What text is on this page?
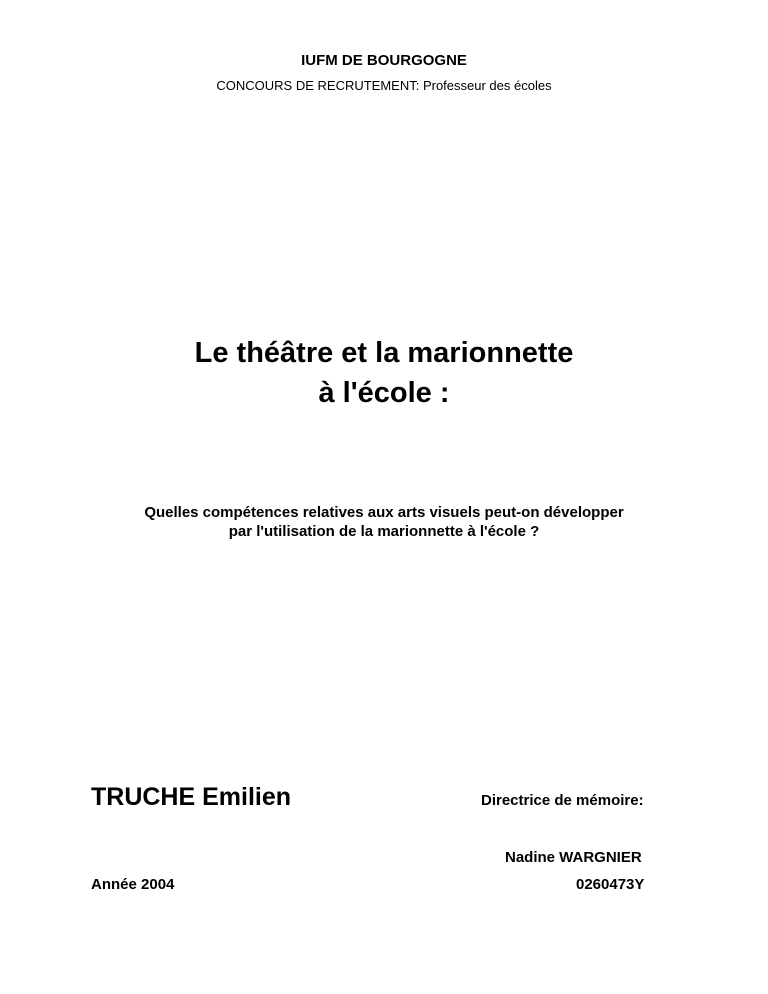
IUFM DE BOURGOGNE
CONCOURS DE RECRUTEMENT: Professeur des écoles
Le théâtre et la marionnette
à l'école :
Quelles compétences relatives aux arts visuels peut-on développer
par l'utilisation de la marionnette à l'école ?
TRUCHE Emilien
Année 2004
Directrice de mémoire:
Nadine WARGNIER
0260473Y
